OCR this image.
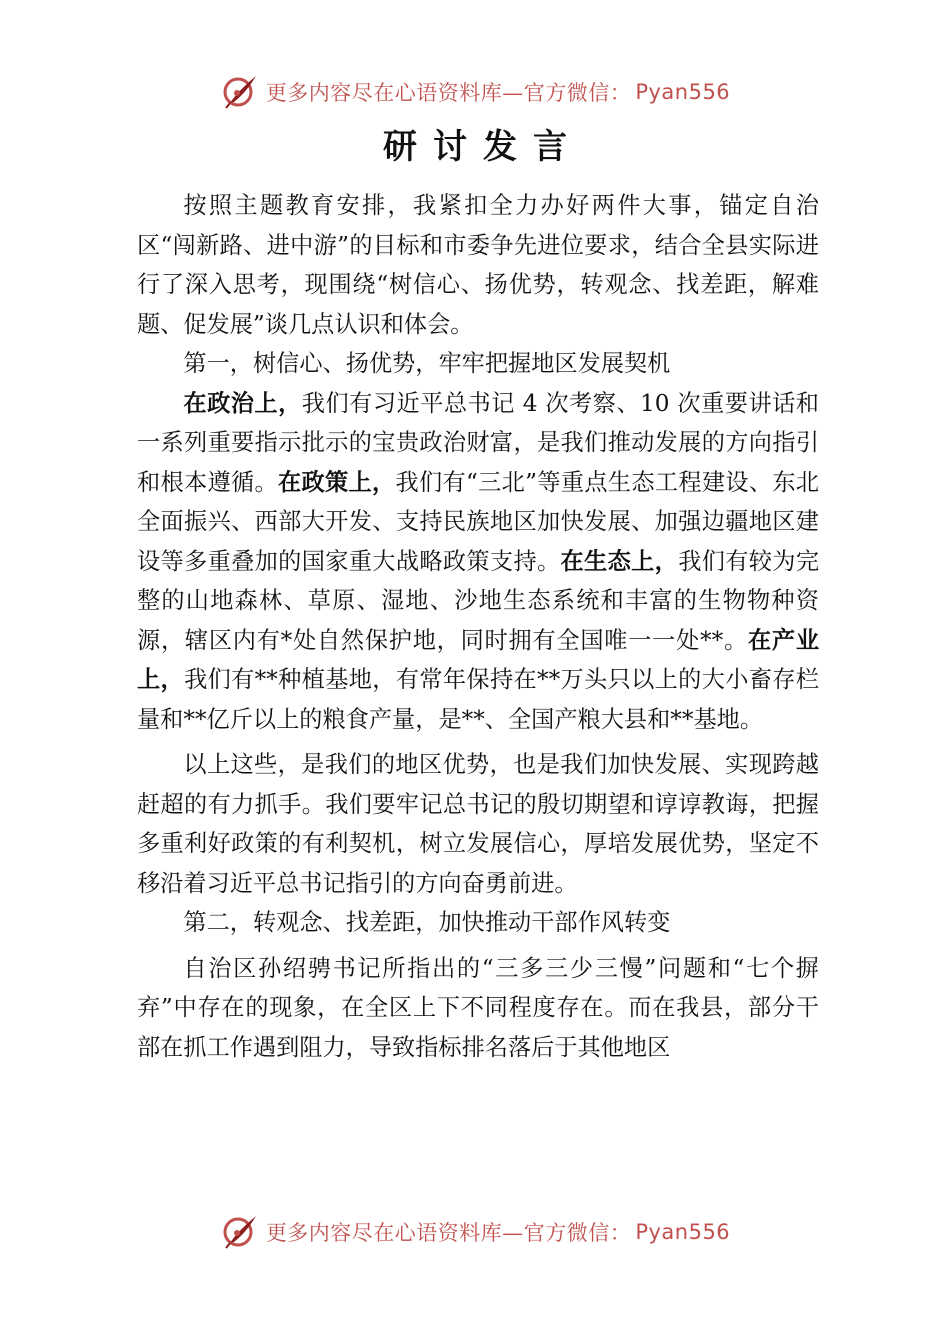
更多内容尽在心语资料库—官方微信： Pyan556
研讨发言

按照主题教育安排，我紧扣全力办好两件大事，锚定自治区“闯新路、进中游”的目标和市委争先进位要求，结合全县实际进行了深入思考，现围绕“树信心、扬优势，转观念、找差距，解难题、促发展”谈几点认识和体会。

第一，树信心、扬优势，牢牢把握地区发展契机

在政治上，我们有习近平总书记 4 次考察、10 次重要讲话和一系列重要指示批示的宝贵政治财富，是我们推动发展的方向指引和根本遵循。在政策上，我们有“三北”等重点生态工程建设、东北全面振兴、西部大开发、支持民族地区加快发展、加强边疆地区建设等多重叠加的国家重大战略政策支持。在生态上，我们有较为完整的山地森林、草原、湿地、沙地生态系统和丰富的生物物种资源，辖区内有*处自然保护地，同时拥有全国唯一一处**。在产业上，我们有**种植基地，有常年保持在**万头只以上的大小畜存栏量和**亿斤以上的粮食产量，是**、全国产粮大县和**基地。

以上这些，是我们的地区优势，也是我们加快发展、实现跨越赶超的有力抓手。我们要牢记总书记的殷切期望和谆谆教诲，把握多重利好政策的有利契机，树立发展信心，厚培发展优势，坚定不移沿着习近平总书记指引的方向奋勇前进。

第二，转观念、找差距，加快推动干部作风转变

自治区孙绍骋书记所指出的“三多三少三慢”问题和“七个摒弃”中存在的现象，在全区上下不同程度存在。而在我县，部分干部在抓工作遇到阻力，导致指标排名落后于其他地区

更多内容尽在心语资料库—官方微信： Pyan556
